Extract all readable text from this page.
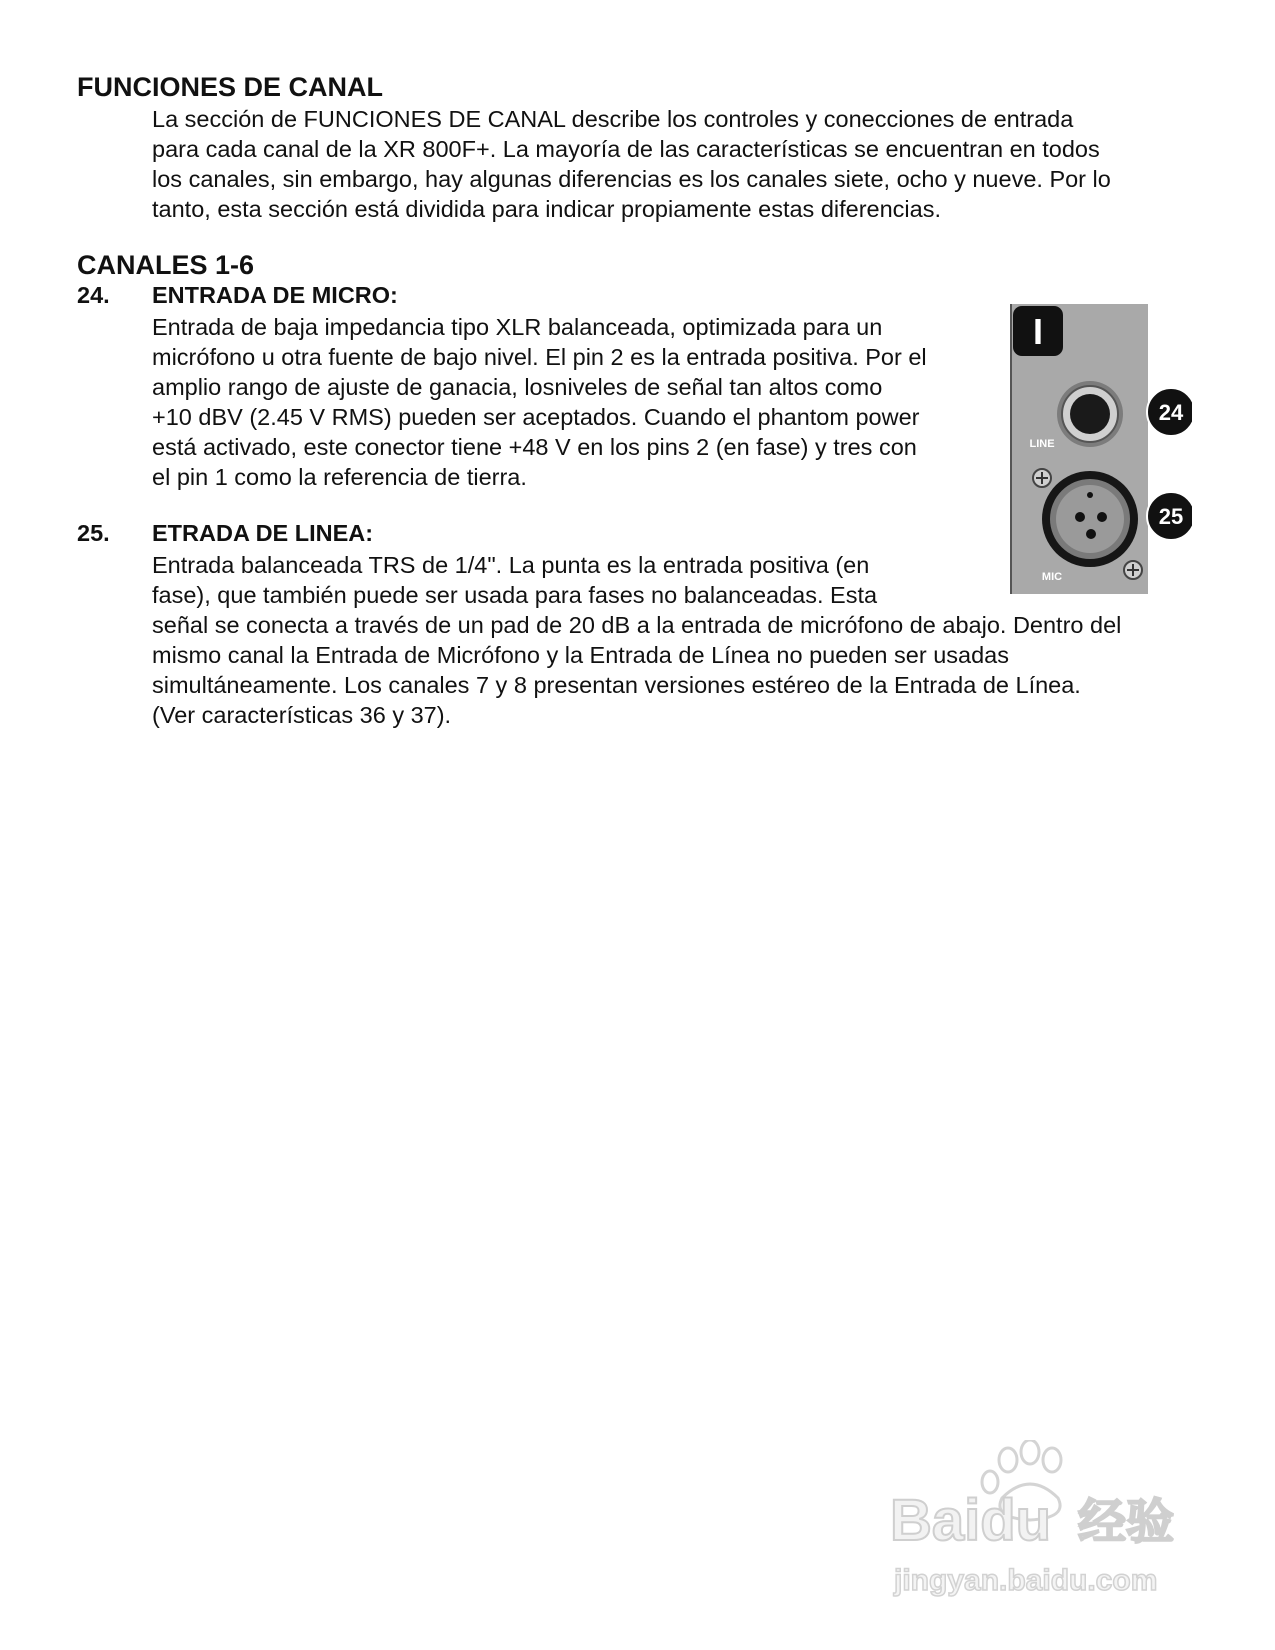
FUNCIONES DE CANAL

La sección de FUNCIONES DE CANAL describe los controles y conecciones de entrada
para cada canal de la XR 800F+. La mayoría de las características se encuentran en todos
los canales, sin embargo, hay algunas diferencias es los canales siete, ocho y nueve. Por lo
tanto, esta sección está dividida para indicar propiamente estas diferencias.

CANALES 1-6
24. ENTRADA DE MICRO:

Entrada de baja impedancia tipo XLR balanceada, optimizada para un
micrófono u otra fuente de bajo nivel. El pin 2 es la entrada positiva. Por el
amplio rango de ajuste de ganacia, losniveles de señal tan altos como
+10 dBV (2.45 V RMS) pueden ser aceptados. Cuando el phantom power
está activado, este conector tiene +48 V en los pins 2 (en fase) y tres con
el pin 1 como la referencia de tierra.

25. ETRADA DE LINEA:

Entrada balanceada TRS de 1/4". La punta es la entrada positiva (en
fase), que también puede ser usada para fases no balanceadas. Esta
señal se conecta a través de un pad de 20 dB a la entrada de micrófono de abajo. Dentro del
mismo canal la Entrada de Micrófono y la Entrada de Línea no pueden ser usadas
simultáneamente. Los canales 7 y 8 presentan versiones estéreo de la Entrada de Línea.
(Ver características 36 y 37).

I
LINE
MIC
24
25
Baidu 经验
jingyan.baidu.com
